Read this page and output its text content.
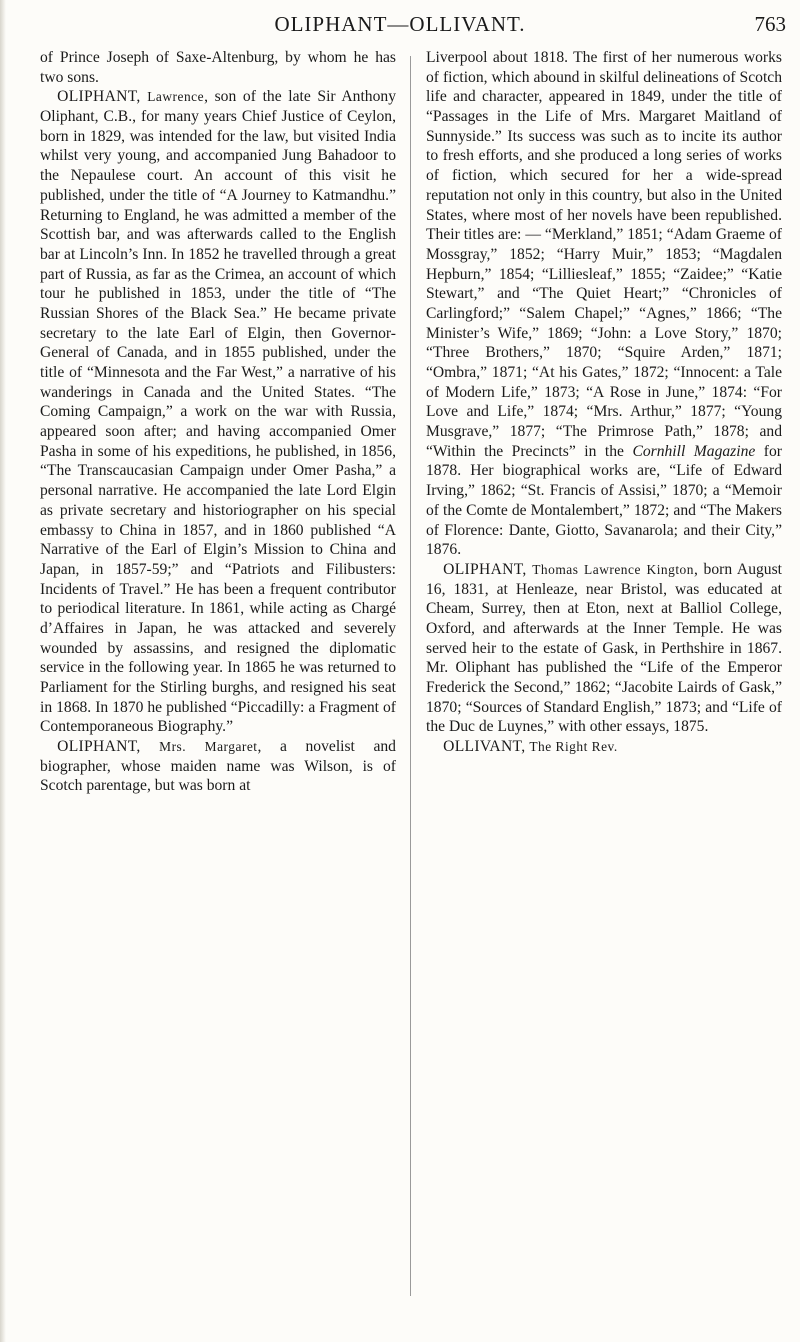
OLIPHANT—OLLIVANT.	763

of Prince Joseph of Saxe-Altenburg, by whom he has two sons.

OLIPHANT, Lawrence, son of the late Sir Anthony Oliphant, C.B., for many years Chief Justice of Ceylon, born in 1829, was intended for the law, but visited India whilst very young, and accompanied Jung Bahadoor to the Nepaulese court. An account of this visit he published, under the title of “A Journey to Katmandhu.” Returning to England, he was admitted a member of the Scottish bar, and was afterwards called to the English bar at Lincoln’s Inn. In 1852 he travelled through a great part of Russia, as far as the Crimea, an account of which tour he published in 1853, under the title of “The Russian Shores of the Black Sea.” He became private secretary to the late Earl of Elgin, then Governor-General of Canada, and in 1855 published, under the title of “Minnesota and the Far West,” a narrative of his wanderings in Canada and the United States. “The Coming Campaign,” a work on the war with Russia, appeared soon after; and having accompanied Omer Pasha in some of his expeditions, he published, in 1856, “The Transcaucasian Campaign under Omer Pasha,” a personal narrative. He accompanied the late Lord Elgin as private secretary and historiographer on his special embassy to China in 1857, and in 1860 published “A Narrative of the Earl of Elgin’s Mission to China and Japan, in 1857-59;” and “Patriots and Filibusters: Incidents of Travel.” He has been a frequent contributor to periodical literature. In 1861, while acting as Chargé d’Affaires in Japan, he was attacked and severely wounded by assassins, and resigned the diplomatic service in the following year. In 1865 he was returned to Parliament for the Stirling burghs, and resigned his seat in 1868. In 1870 he published “Piccadilly: a Fragment of Contemporaneous Biography.”

OLIPHANT, Mrs. Margaret, a novelist and biographer, whose maiden name was Wilson, is of Scotch parentage, but was born at

Liverpool about 1818. The first of her numerous works of fiction, which abound in skilful delineations of Scotch life and character, appeared in 1849, under the title of “Passages in the Life of Mrs. Margaret Maitland of Sunnyside.” Its success was such as to incite its author to fresh efforts, and she produced a long series of works of fiction, which secured for her a wide-spread reputation not only in this country, but also in the United States, where most of her novels have been republished. Their titles are: — “Merkland,” 1851; “Adam Graeme of Mossgray,” 1852; “Harry Muir,” 1853; “Magdalen Hepburn,” 1854; “Lilliesleaf,” 1855; “Zaidee;” “Katie Stewart,” and “The Quiet Heart;” “Chronicles of Carlingford;” “Salem Chapel;” “Agnes,” 1866; “The Minister’s Wife,” 1869; “John: a Love Story,” 1870; “Three Brothers,” 1870; “Squire Arden,” 1871; “Ombra,” 1871; “At his Gates,” 1872; “Innocent: a Tale of Modern Life,” 1873; “A Rose in June,” 1874: “For Love and Life,” 1874; “Mrs. Arthur,” 1877; “Young Musgrave,” 1877; “The Primrose Path,” 1878; and “Within the Precincts” in the Cornhill Magazine for 1878. Her biographical works are, “Life of Edward Irving,” 1862; “St. Francis of Assisi,” 1870; a “Memoir of the Comte de Montalembert,” 1872; and “The Makers of Florence: Dante, Giotto, Savanarola; and their City,” 1876.

OLIPHANT, Thomas Lawrence Kington, born August 16, 1831, at Henleaze, near Bristol, was educated at Cheam, Surrey, then at Eton, next at Balliol College, Oxford, and afterwards at the Inner Temple. He was served heir to the estate of Gask, in Perthshire in 1867. Mr. Oliphant has published the “Life of the Emperor Frederick the Second,” 1862; “Jacobite Lairds of Gask,” 1870; “Sources of Standard English,” 1873; and “Life of the Duc de Luynes,” with other essays, 1875.

OLLIVANT, The Right Rev.
